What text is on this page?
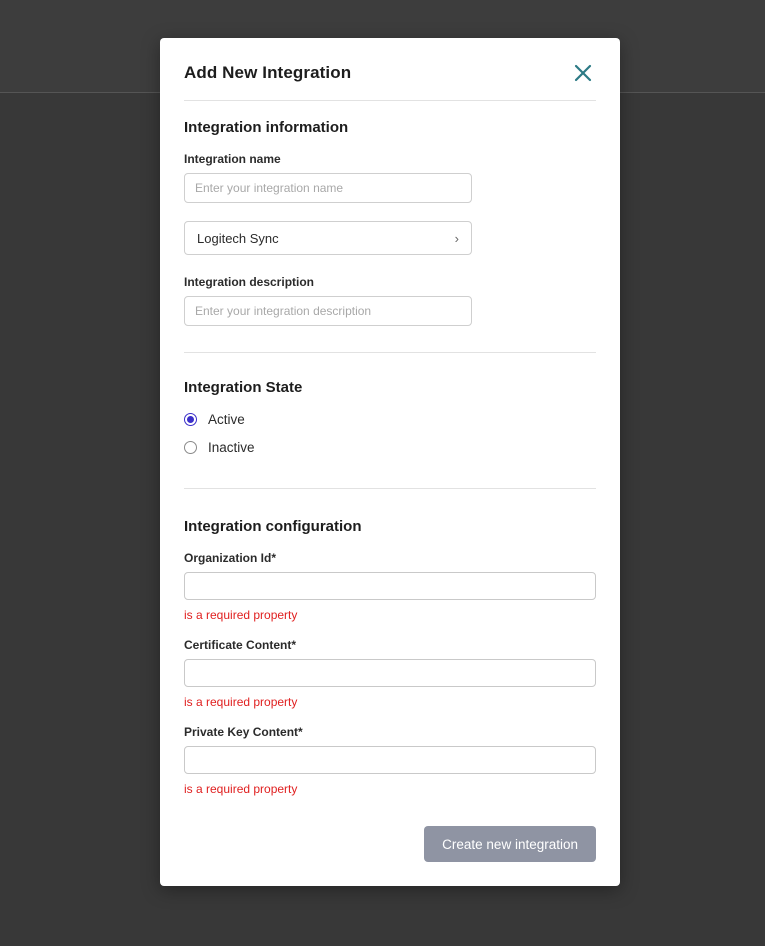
Add New Integration
Integration information
Integration name
Enter your integration name
Logitech Sync	›
Integration description
Enter your integration description
Integration State
Active
Inactive
Integration configuration
Organization Id*
is a required property
Certificate Content*
is a required property
Private Key Content*
is a required property
Create new integration
